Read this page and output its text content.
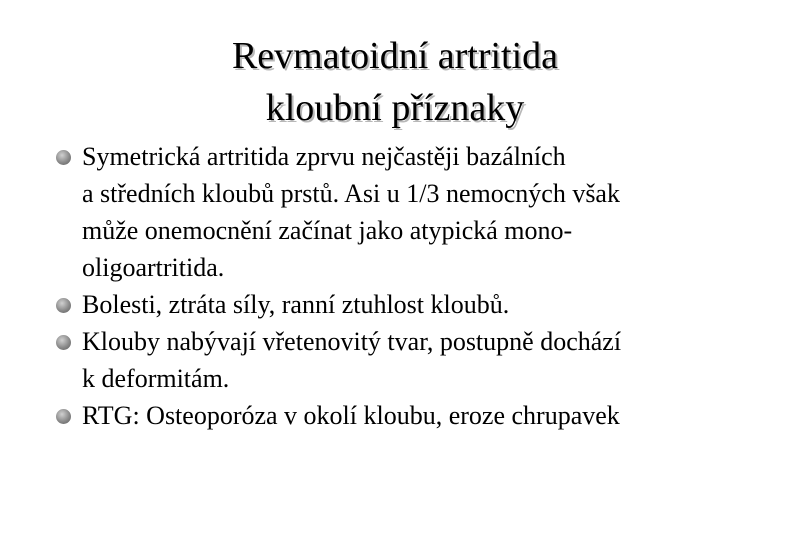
Revmatoidní artritida
kloubní příznaky
Symetrická artritida zprvu nejčastěji bazálních
a středních kloubů prstů. Asi u 1/3 nemocných však
může onemocnění začínat jako atypická mono-
oligoartritida.
Bolesti, ztráta síly, ranní ztuhlost kloubů.
Klouby nabývají vřetenovitý tvar, postupně dochází
k deformitám.
RTG: Osteoporóza v okolí kloubu, eroze chrupavek
